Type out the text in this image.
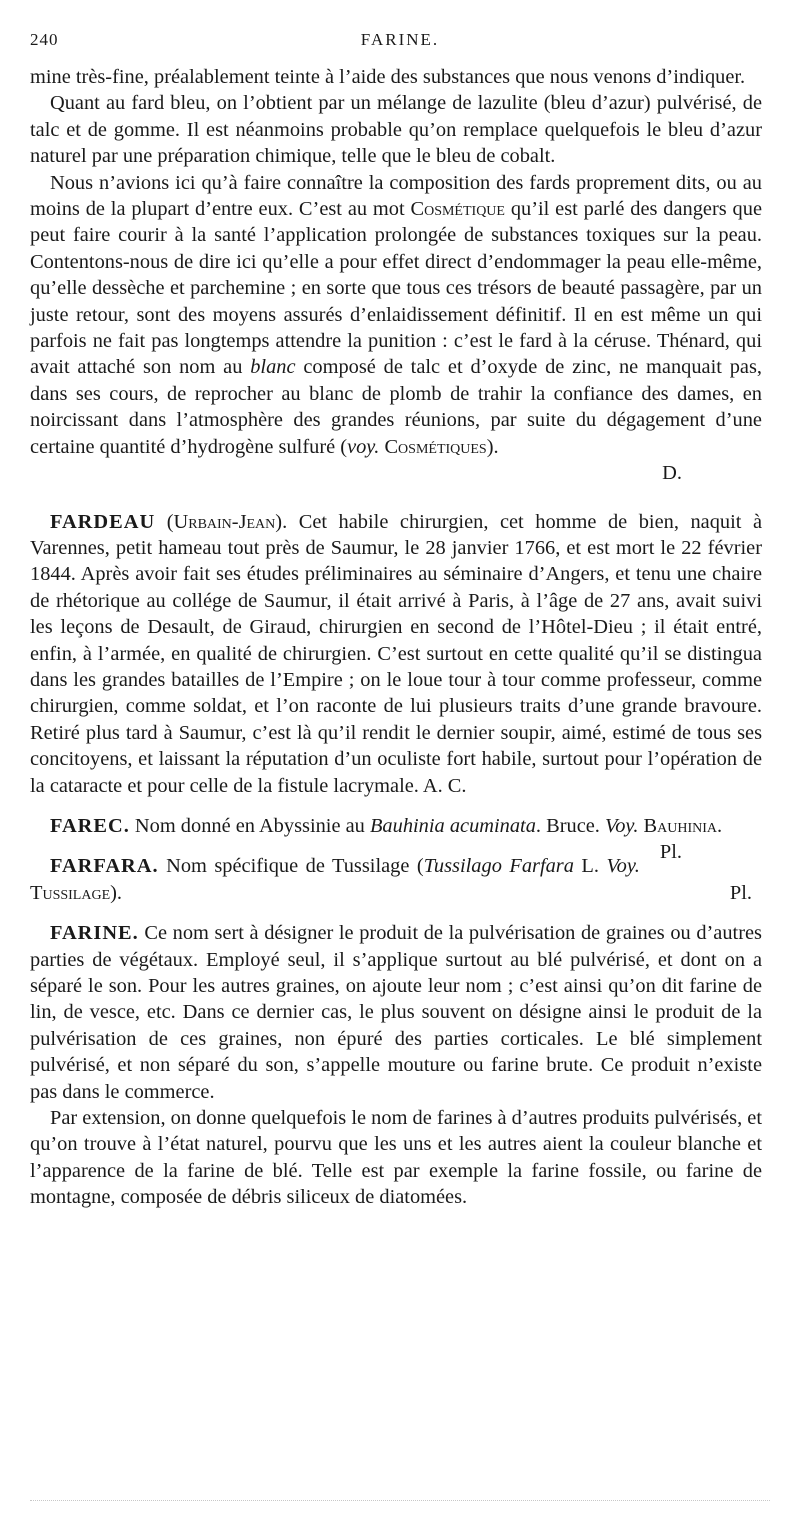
240	FARINE.

mine très-fine, préalablement teinte à l’aide des substances que nous venons d’indiquer.

Quant au fard bleu, on l’obtient par un mélange de lazulite (bleu d’azur) pulvérisé, de talc et de gomme. Il est néanmoins probable qu’on remplace quelquefois le bleu d’azur naturel par une préparation chimique, telle que le bleu de cobalt.

Nous n’avions ici qu’à faire connaître la composition des fards proprement dits, ou au moins de la plupart d’entre eux. C’est au mot Cosmétique qu’il est parlé des dangers que peut faire courir à la santé l’application prolongée de substances toxiques sur la peau. Contentons-nous de dire ici qu’elle a pour effet direct d’endommager la peau elle-même, qu’elle dessèche et parchemine ; en sorte que tous ces trésors de beauté passagère, par un juste retour, sont des moyens assurés d’enlaidissement définitif. Il en est même un qui parfois ne fait pas longtemps attendre la punition : c’est le fard à la céruse. Thénard, qui avait attaché son nom au blanc composé de talc et d’oxyde de zinc, ne manquait pas, dans ses cours, de reprocher au blanc de plomb de trahir la confiance des dames, en noircissant dans l’atmosphère des grandes réunions, par suite du dégagement d’une certaine quantité d’hydrogène sulfuré (voy. Cosmétiques).

D.

FARDEAU (Urbain-Jean). Cet habile chirurgien, cet homme de bien, naquit à Varennes, petit hameau tout près de Saumur, le 28 janvier 1766, et est mort le 22 février 1844. Après avoir fait ses études préliminaires au séminaire d’Angers, et tenu une chaire de rhétorique au collége de Saumur, il était arrivé à Paris, à l’âge de 27 ans, avait suivi les leçons de Desault, de Giraud, chirurgien en second de l’Hôtel-Dieu ; il était entré, enfin, à l’armée, en qualité de chirurgien. C’est surtout en cette qualité qu’il se distingua dans les grandes batailles de l’Empire ; on le loue tour à tour comme professeur, comme chirurgien, comme soldat, et l’on raconte de lui plusieurs traits d’une grande bravoure. Retiré plus tard à Saumur, c’est là qu’il rendit le dernier soupir, aimé, estimé de tous ses concitoyens, et laissant la réputation d’un oculiste fort habile, surtout pour l’opération de la cataracte et pour celle de la fistule lacrymale. A. C.

FAREC. Nom donné en Abyssinie au Bauhinia acuminata. Bruce. Voy. Bauhinia.
Pl.

FARFARA. Nom spécifique de Tussilage (Tussilago Farfara L. Voy. Tussilage).	Pl.

FARINE. Ce nom sert à désigner le produit de la pulvérisation de graines ou d’autres parties de végétaux. Employé seul, il s’applique surtout au blé pulvérisé, et dont on a séparé le son. Pour les autres graines, on ajoute leur nom ; c’est ainsi qu’on dit farine de lin, de vesce, etc. Dans ce dernier cas, le plus souvent on désigne ainsi le produit de la pulvérisation de ces graines, non épuré des parties corticales. Le blé simplement pulvérisé, et non séparé du son, s’appelle mouture ou farine brute. Ce produit n’existe pas dans le commerce.

Par extension, on donne quelquefois le nom de farines à d’autres produits pulvérisés, et qu’on trouve à l’état naturel, pourvu que les uns et les autres aient la couleur blanche et l’apparence de la farine de blé. Telle est par exemple la farine fossile, ou farine de montagne, composée de débris siliceux de diatomées.
